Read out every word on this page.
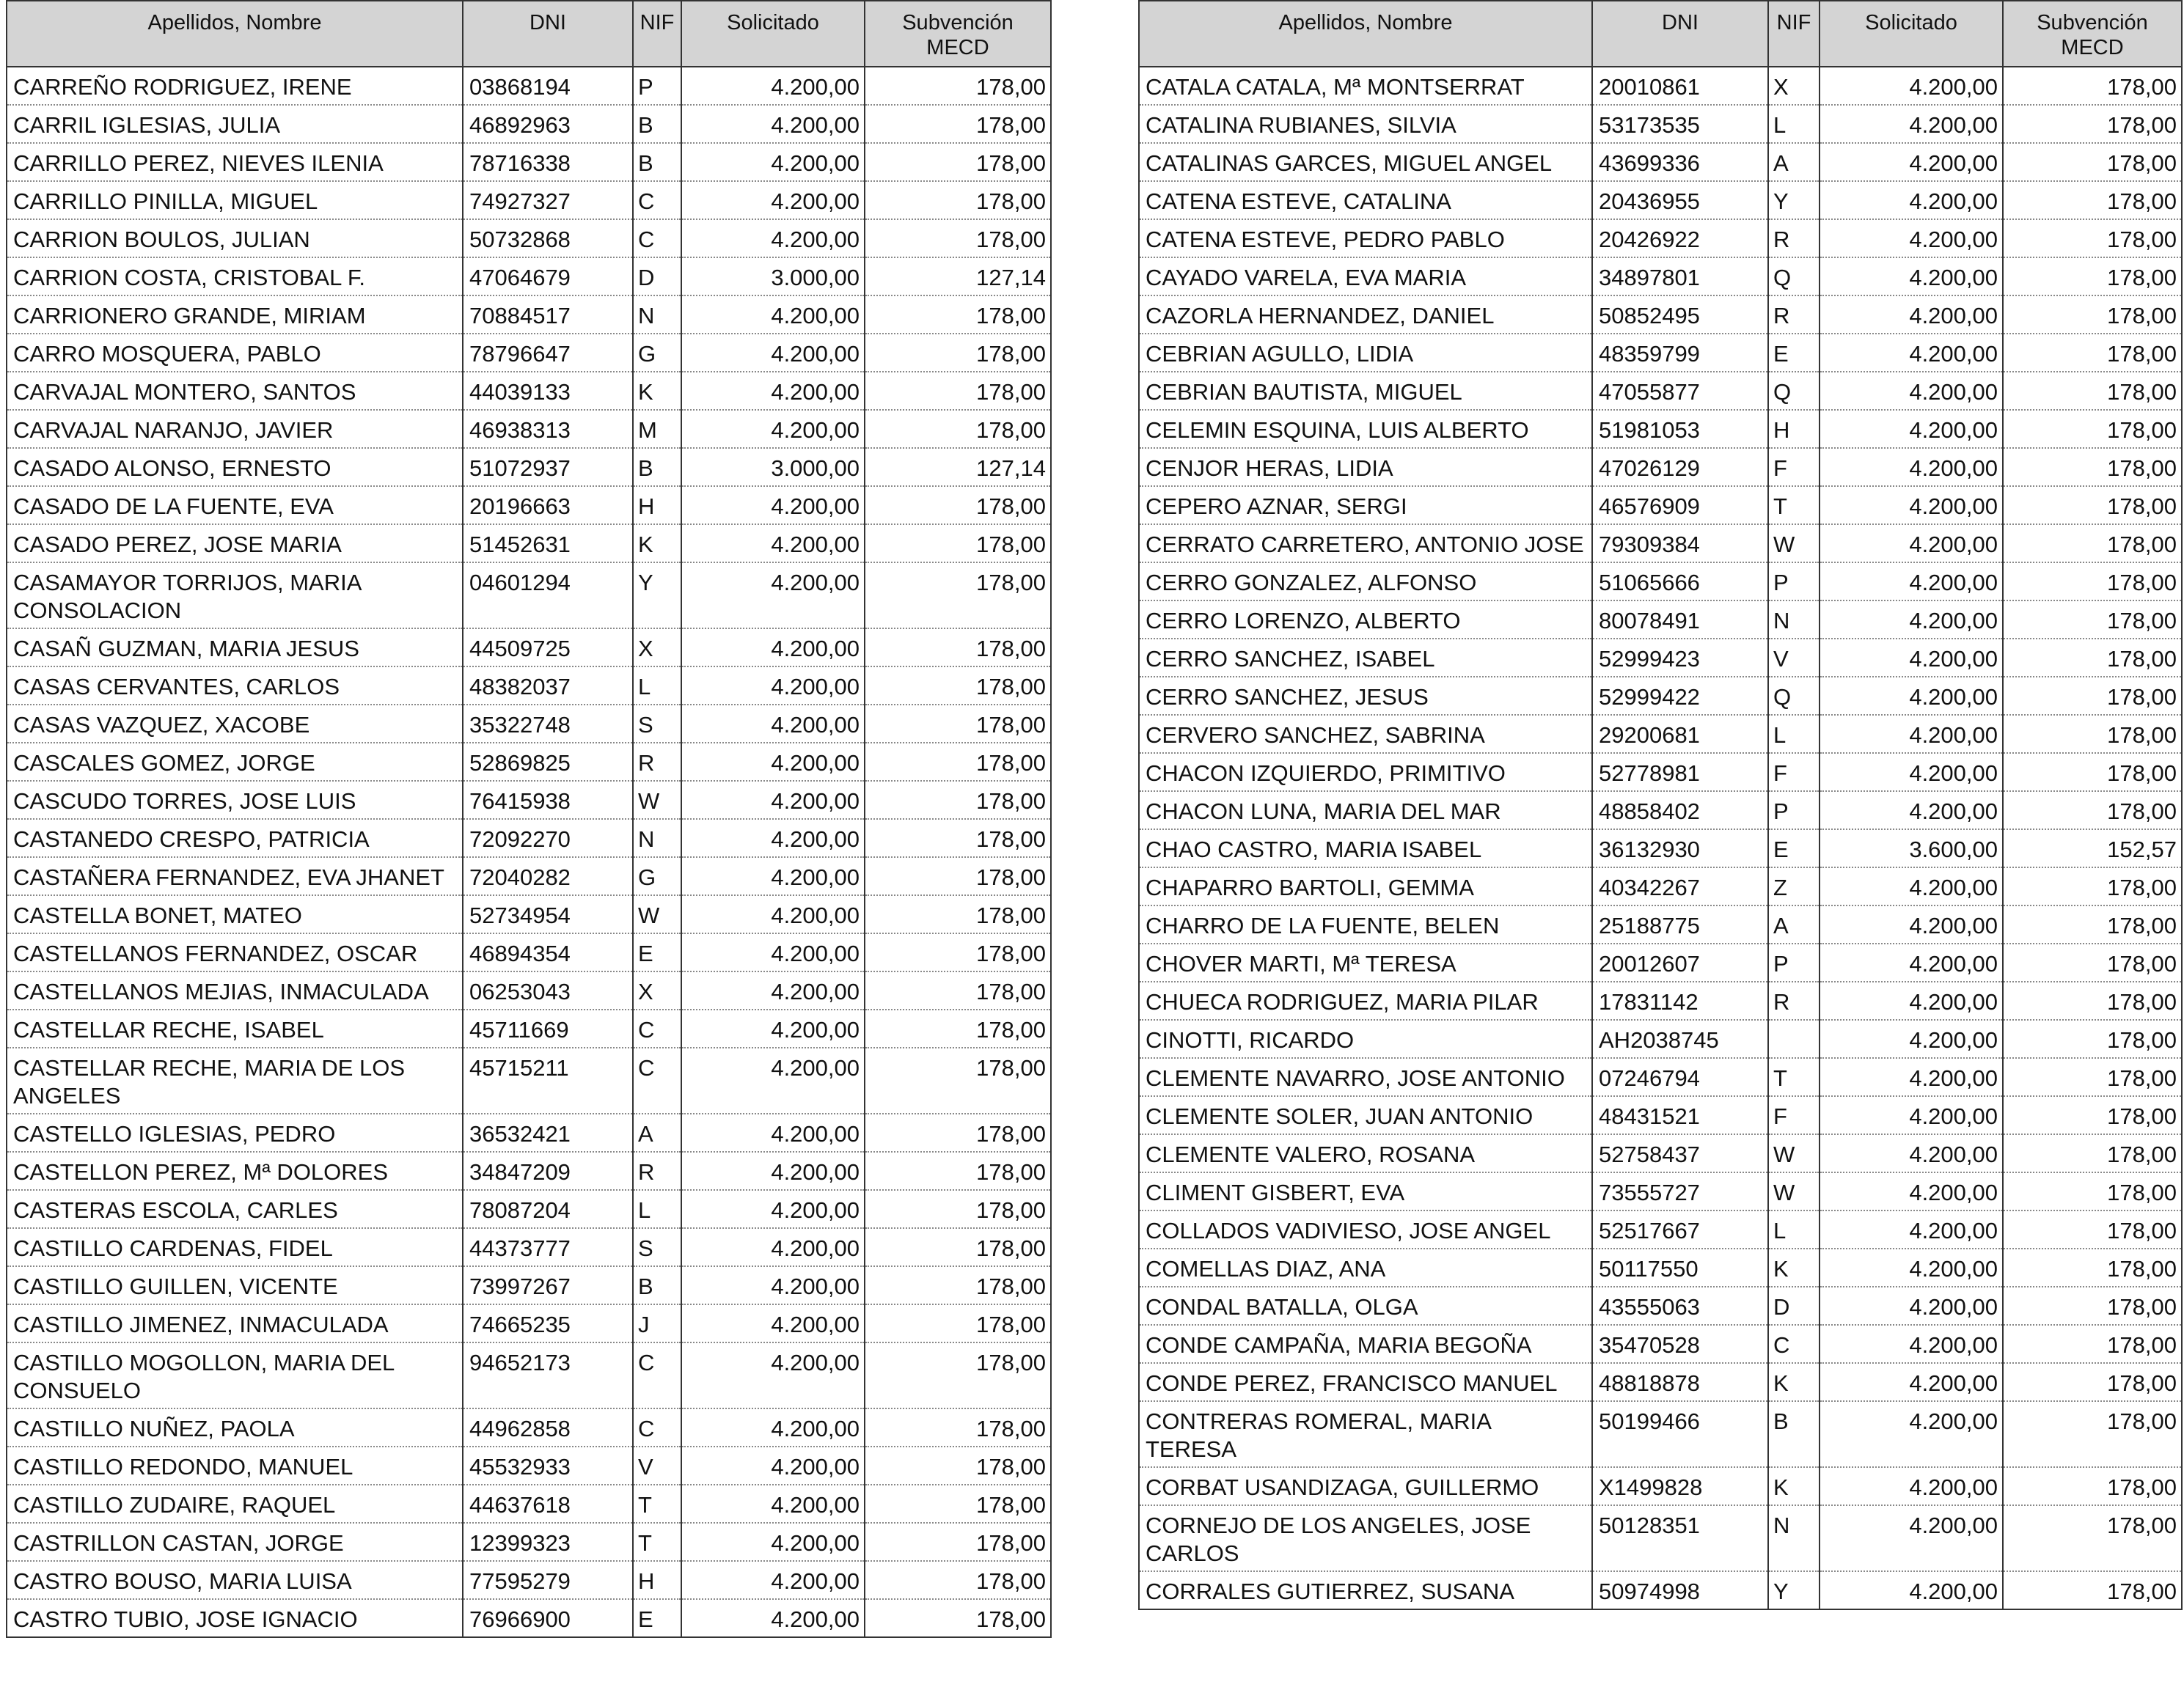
Apellidos, Nombre	DNI	NIF	Solicitado	Subvención MECD
CARREÑO RODRIGUEZ, IRENE	03868194	P	4.200,00	178,00
CARRIL IGLESIAS, JULIA	46892963	B	4.200,00	178,00
CARRILLO PEREZ, NIEVES ILENIA	78716338	B	4.200,00	178,00
CARRILLO PINILLA, MIGUEL	74927327	C	4.200,00	178,00
CARRION BOULOS, JULIAN	50732868	C	4.200,00	178,00
CARRION COSTA, CRISTOBAL F.	47064679	D	3.000,00	127,14
CARRIONERO GRANDE, MIRIAM	70884517	N	4.200,00	178,00
CARRO MOSQUERA, PABLO	78796647	G	4.200,00	178,00
CARVAJAL MONTERO, SANTOS	44039133	K	4.200,00	178,00
CARVAJAL NARANJO, JAVIER	46938313	M	4.200,00	178,00
CASADO ALONSO, ERNESTO	51072937	B	3.000,00	127,14
CASADO DE LA FUENTE, EVA	20196663	H	4.200,00	178,00
CASADO PEREZ, JOSE MARIA	51452631	K	4.200,00	178,00
CASAMAYOR TORRIJOS, MARIA CONSOLACION	04601294	Y	4.200,00	178,00
CASAÑ GUZMAN, MARIA JESUS	44509725	X	4.200,00	178,00
CASAS CERVANTES, CARLOS	48382037	L	4.200,00	178,00
CASAS VAZQUEZ, XACOBE	35322748	S	4.200,00	178,00
CASCALES GOMEZ, JORGE	52869825	R	4.200,00	178,00
CASCUDO TORRES, JOSE LUIS	76415938	W	4.200,00	178,00
CASTANEDO CRESPO, PATRICIA	72092270	N	4.200,00	178,00
CASTAÑERA FERNANDEZ, EVA JHANET	72040282	G	4.200,00	178,00
CASTELLA BONET, MATEO	52734954	W	4.200,00	178,00
CASTELLANOS FERNANDEZ, OSCAR	46894354	E	4.200,00	178,00
CASTELLANOS MEJIAS, INMACULADA	06253043	X	4.200,00	178,00
CASTELLAR RECHE, ISABEL	45711669	C	4.200,00	178,00
CASTELLAR RECHE, MARIA DE LOS ANGELES	45715211	C	4.200,00	178,00
CASTELLO IGLESIAS, PEDRO	36532421	A	4.200,00	178,00
CASTELLON PEREZ, Mª DOLORES	34847209	R	4.200,00	178,00
CASTERAS ESCOLA, CARLES	78087204	L	4.200,00	178,00
CASTILLO CARDENAS, FIDEL	44373777	S	4.200,00	178,00
CASTILLO GUILLEN, VICENTE	73997267	B	4.200,00	178,00
CASTILLO JIMENEZ, INMACULADA	74665235	J	4.200,00	178,00
CASTILLO MOGOLLON, MARIA DEL CONSUELO	94652173	C	4.200,00	178,00
CASTILLO NUÑEZ, PAOLA	44962858	C	4.200,00	178,00
CASTILLO REDONDO, MANUEL	45532933	V	4.200,00	178,00
CASTILLO ZUDAIRE, RAQUEL	44637618	T	4.200,00	178,00
CASTRILLON CASTAN, JORGE	12399323	T	4.200,00	178,00
CASTRO BOUSO, MARIA LUISA	77595279	H	4.200,00	178,00
CASTRO TUBIO, JOSE IGNACIO	76966900	E	4.200,00	178,00
Apellidos, Nombre	DNI	NIF	Solicitado	Subvención MECD
CATALA CATALA, Mª MONTSERRAT	20010861	X	4.200,00	178,00
CATALINA RUBIANES, SILVIA	53173535	L	4.200,00	178,00
CATALINAS GARCES, MIGUEL ANGEL	43699336	A	4.200,00	178,00
CATENA ESTEVE, CATALINA	20436955	Y	4.200,00	178,00
CATENA ESTEVE, PEDRO PABLO	20426922	R	4.200,00	178,00
CAYADO VARELA, EVA MARIA	34897801	Q	4.200,00	178,00
CAZORLA HERNANDEZ, DANIEL	50852495	R	4.200,00	178,00
CEBRIAN AGULLO, LIDIA	48359799	E	4.200,00	178,00
CEBRIAN BAUTISTA, MIGUEL	47055877	Q	4.200,00	178,00
CELEMIN ESQUINA, LUIS ALBERTO	51981053	H	4.200,00	178,00
CENJOR HERAS, LIDIA	47026129	F	4.200,00	178,00
CEPERO AZNAR, SERGI	46576909	T	4.200,00	178,00
CERRATO CARRETERO, ANTONIO JOSE	79309384	W	4.200,00	178,00
CERRO GONZALEZ, ALFONSO	51065666	P	4.200,00	178,00
CERRO LORENZO, ALBERTO	80078491	N	4.200,00	178,00
CERRO SANCHEZ, ISABEL	52999423	V	4.200,00	178,00
CERRO SANCHEZ, JESUS	52999422	Q	4.200,00	178,00
CERVERO SANCHEZ, SABRINA	29200681	L	4.200,00	178,00
CHACON IZQUIERDO, PRIMITIVO	52778981	F	4.200,00	178,00
CHACON LUNA, MARIA DEL MAR	48858402	P	4.200,00	178,00
CHAO CASTRO, MARIA ISABEL	36132930	E	3.600,00	152,57
CHAPARRO BARTOLI, GEMMA	40342267	Z	4.200,00	178,00
CHARRO DE LA FUENTE, BELEN	25188775	A	4.200,00	178,00
CHOVER MARTI, Mª TERESA	20012607	P	4.200,00	178,00
CHUECA RODRIGUEZ, MARIA PILAR	17831142	R	4.200,00	178,00
CINOTTI, RICARDO	AH2038745		4.200,00	178,00
CLEMENTE NAVARRO, JOSE ANTONIO	07246794	T	4.200,00	178,00
CLEMENTE SOLER, JUAN ANTONIO	48431521	F	4.200,00	178,00
CLEMENTE VALERO, ROSANA	52758437	W	4.200,00	178,00
CLIMENT GISBERT, EVA	73555727	W	4.200,00	178,00
COLLADOS VADIVIESO, JOSE ANGEL	52517667	L	4.200,00	178,00
COMELLAS DIAZ, ANA	50117550	K	4.200,00	178,00
CONDAL BATALLA, OLGA	43555063	D	4.200,00	178,00
CONDE CAMPAÑA, MARIA BEGOÑA	35470528	C	4.200,00	178,00
CONDE PEREZ, FRANCISCO MANUEL	48818878	K	4.200,00	178,00
CONTRERAS ROMERAL, MARIA TERESA	50199466	B	4.200,00	178,00
CORBAT USANDIZAGA, GUILLERMO	X1499828	K	4.200,00	178,00
CORNEJO DE LOS ANGELES, JOSE CARLOS	50128351	N	4.200,00	178,00
CORRALES GUTIERREZ, SUSANA	50974998	Y	4.200,00	178,00
